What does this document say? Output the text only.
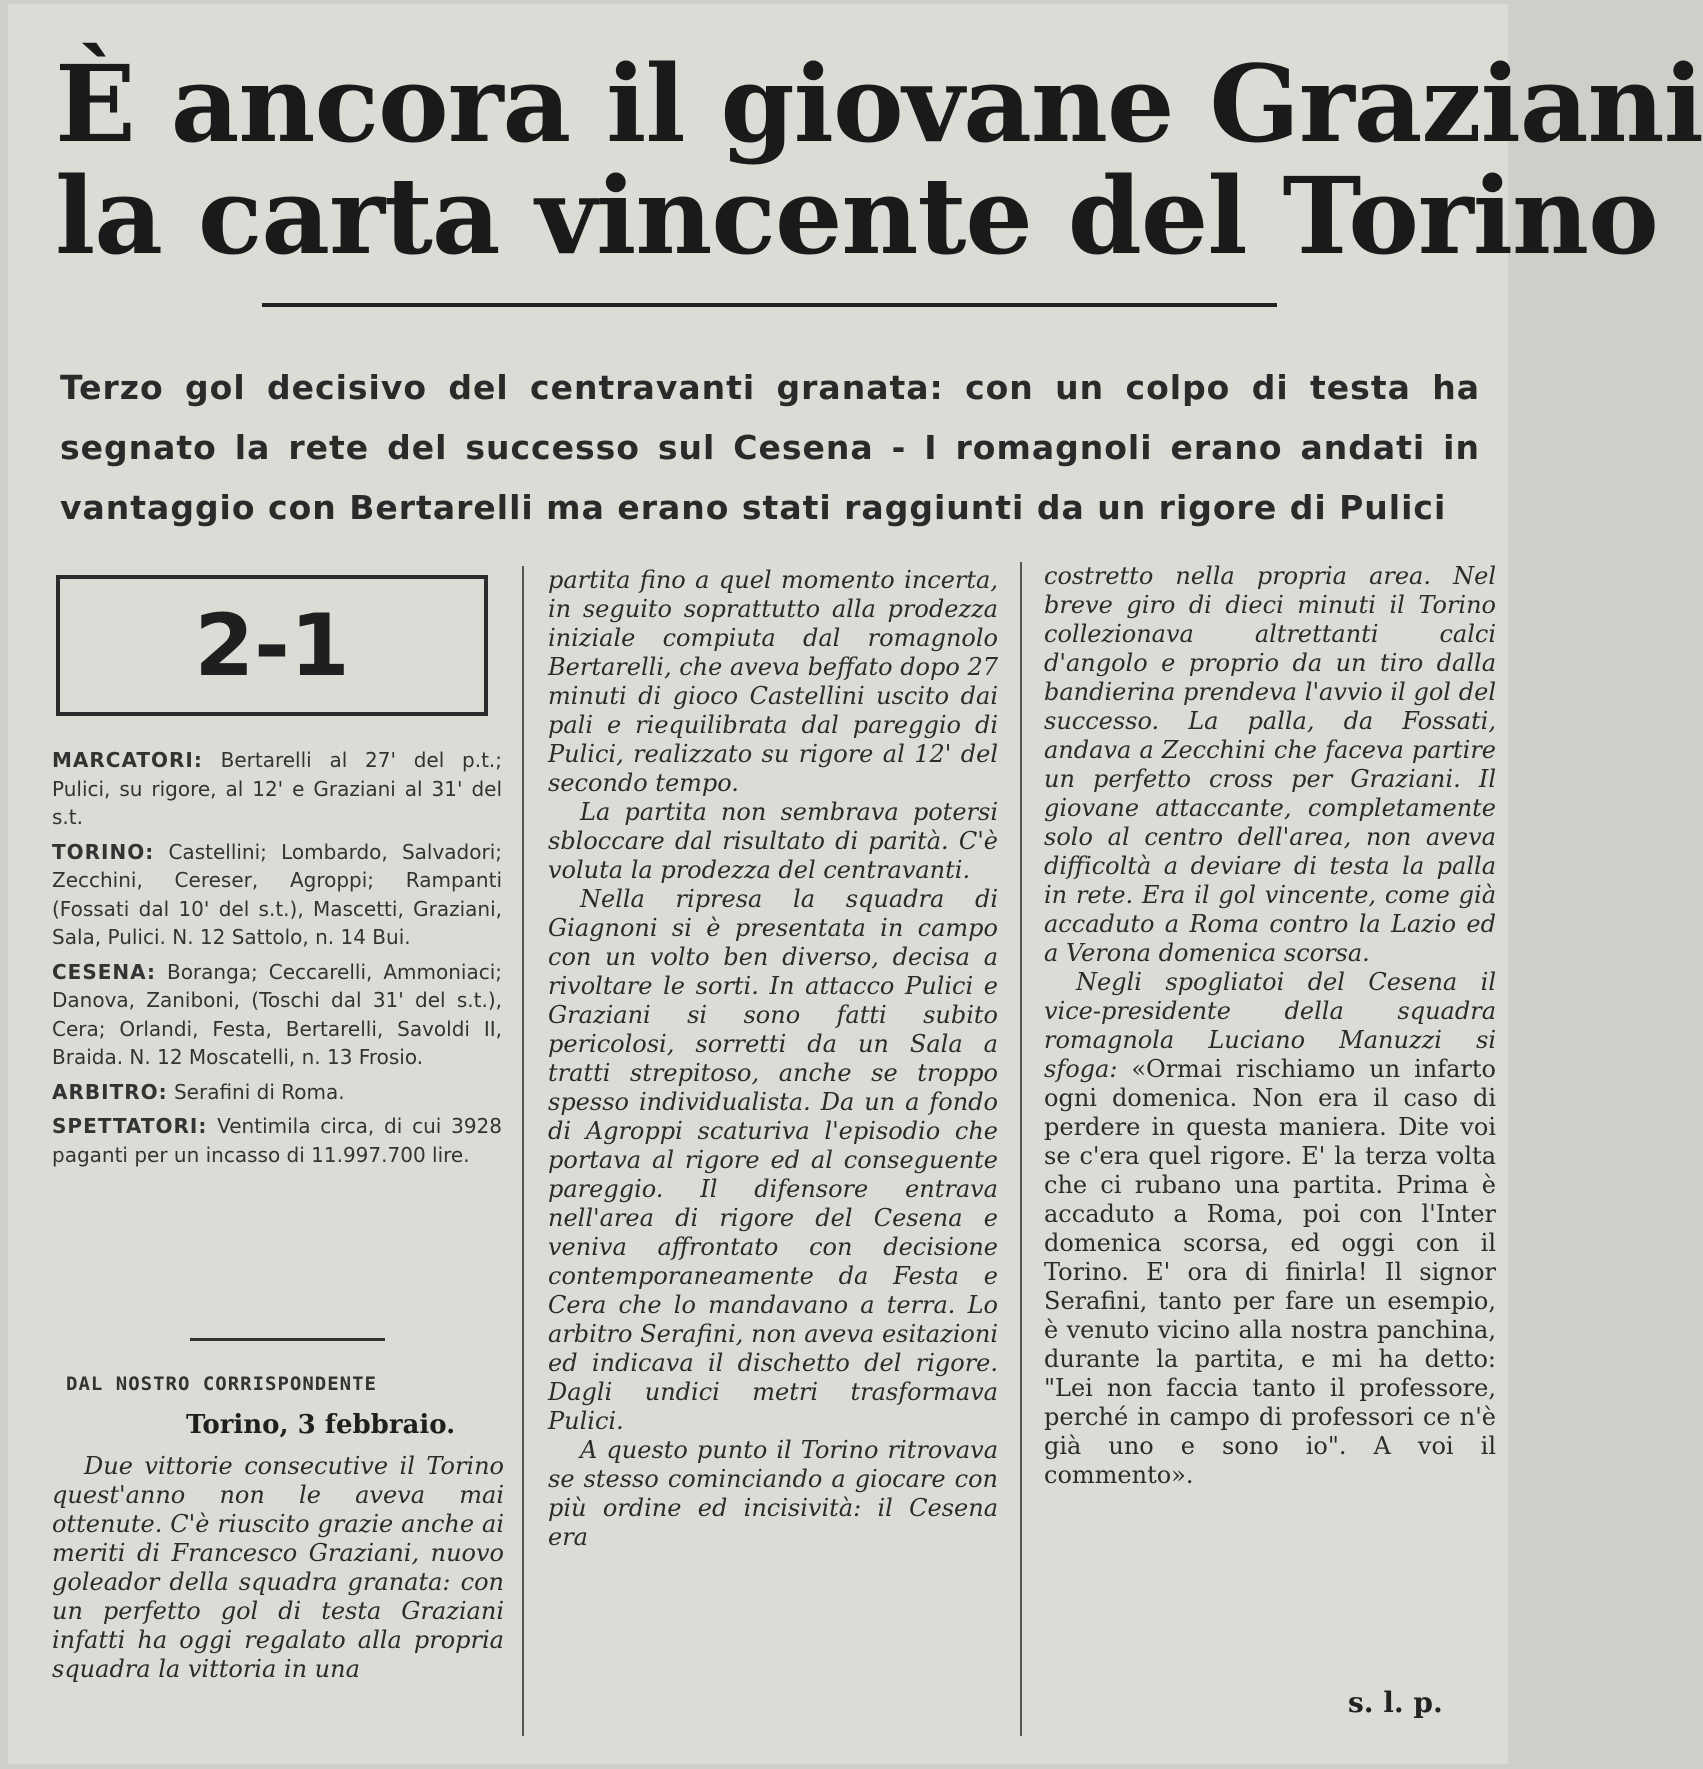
È ancora il giovane Graziani
la carta vincente del Torino
Terzo gol decisivo del centravanti granata: con un colpo di testa ha segnato la rete del successo sul Cesena - I romagnoli erano andati in vantaggio con Bertarelli ma erano stati raggiunti da un rigore di Pulici
2-1
MARCATORI: Bertarelli al 27' del p.t.; Pulici, su rigore, al 12' e Graziani al 31' del s.t.
TORINO: Castellini; Lombardo, Salvadori; Zecchini, Cereser, Agroppi; Rampanti (Fossati dal 10' del s.t.), Mascetti, Graziani, Sala, Pulici. N. 12 Sattolo, n. 14 Bui.
CESENA: Boranga; Ceccarelli, Ammoniaci; Danova, Zaniboni, (Toschi dal 31' del s.t.), Cera; Orlandi, Festa, Bertarelli, Savoldi II, Braida. N. 12 Moscatelli, n. 13 Frosio.
ARBITRO: Serafini di Roma.
SPETTATORI: Ventimila circa, di cui 3928 paganti per un incasso di 11.997.700 lire.
DAL NOSTRO CORRISPONDENTE
Torino, 3 febbraio.

Due vittorie consecutive il Torino quest'anno non le aveva mai ottenute. C'è riuscito grazie anche ai meriti di Francesco Graziani, nuovo goleador della squadra granata: con un perfetto gol di testa Graziani infatti ha oggi regalato alla propria squadra la vittoria in una

partita fino a quel momento incerta, in seguito soprattutto alla prodezza iniziale compiuta dal romagnolo Bertarelli, che aveva beffato dopo 27 minuti di gioco Castellini uscito dai pali e riequilibrata dal pareggio di Pulici, realizzato su rigore al 12' del secondo tempo.

La partita non sembrava potersi sbloccare dal risultato di parità. C'è voluta la prodezza del centravanti.

Nella ripresa la squadra di Giagnoni si è presentata in campo con un volto ben diverso, decisa a rivoltare le sorti. In attacco Pulici e Graziani si sono fatti subito pericolosi, sorretti da un Sala a tratti strepitoso, anche se troppo spesso individualista. Da un a fondo di Agroppi scaturiva l'episodio che portava al rigore ed al conseguente pareggio. Il difensore entrava nell'area di rigore del Cesena e veniva affrontato con decisione contemporaneamente da Festa e Cera che lo mandavano a terra. Lo arbitro Serafini, non aveva esitazioni ed indicava il dischetto del rigore. Dagli undici metri trasformava Pulici.

A questo punto il Torino ritrovava se stesso cominciando a giocare con più ordine ed incisività: il Cesena era

costretto nella propria area. Nel breve giro di dieci minuti il Torino collezionava altrettanti calci d'angolo e proprio da un tiro dalla bandierina prendeva l'avvio il gol del successo. La palla, da Fossati, andava a Zecchini che faceva partire un perfetto cross per Graziani. Il giovane attaccante, completamente solo al centro dell'area, non aveva difficoltà a deviare di testa la palla in rete. Era il gol vincente, come già accaduto a Roma contro la Lazio ed a Verona domenica scorsa.

Negli spogliatoi del Cesena il vice-presidente della squadra romagnola Luciano Manuzzi si sfoga: «Ormai rischiamo un infarto ogni domenica. Non era il caso di perdere in questa maniera. Dite voi se c'era quel rigore. E' la terza volta che ci rubano una partita. Prima è accaduto a Roma, poi con l'Inter domenica scorsa, ed oggi con il Torino. E' ora di finirla! Il signor Serafini, tanto per fare un esempio, è venuto vicino alla nostra panchina, durante la partita, e mi ha detto: "Lei non faccia tanto il professore, perché in campo di professori ce n'è già uno e sono io". A voi il commento».

s. l. p.
